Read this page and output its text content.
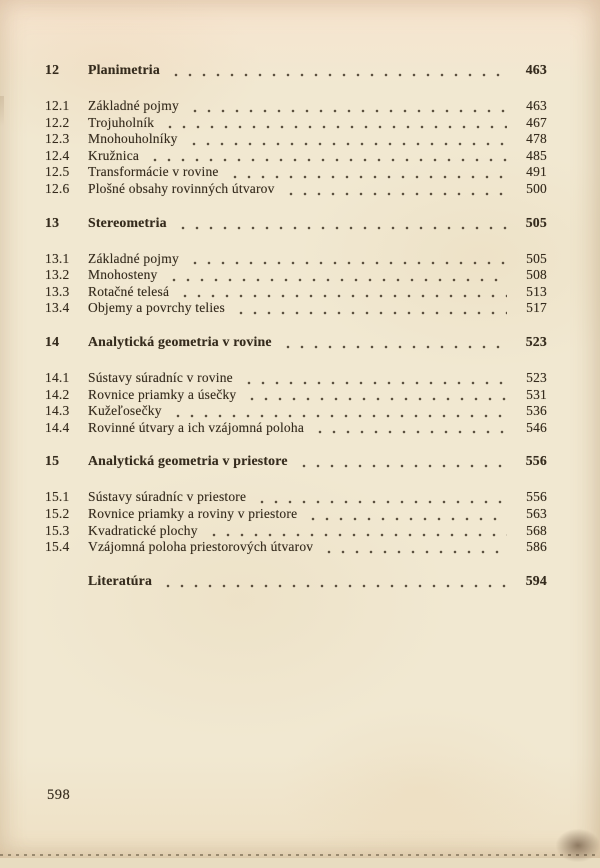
12	Planimetria	463
12.1	Základné pojmy	463
12.2	Trojuholník	467
12.3	Mnohouholníky	478
12.4	Kružnica	485
12.5	Transformácie v rovine	491
12.6	Plošné obsahy rovinných útvarov	500
13	Stereometria	505
13.1	Základné pojmy	505
13.2	Mnohosteny	508
13.3	Rotačné telesá	513
13.4	Objemy a povrchy telies	517
14	Analytická geometria v rovine	523
14.1	Sústavy súradníc v rovine	523
14.2	Rovnice priamky a úsečky	531
14.3	Kužeľosečky	536
14.4	Rovinné útvary a ich vzájomná poloha	546
15	Analytická geometria v priestore	556
15.1	Sústavy súradníc v priestore	556
15.2	Rovnice priamky a roviny v priestore	563
15.3	Kvadratické plochy	568
15.4	Vzájomná poloha priestorových útvarov	586
Literatúra	594
598
